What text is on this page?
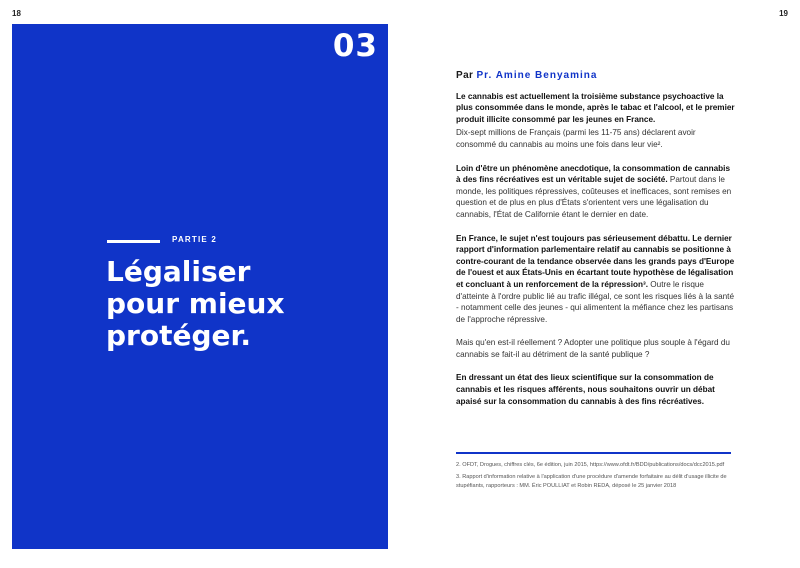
18	19
03
PARTIE 2
Légaliser
pour mieux
protéger.
Par Pr. Amine Benyamina

Le cannabis est actuellement la troisième substance psychoactive la plus consommée dans le monde, après le tabac et l'alcool, et le premier produit illicite consommé par les jeunes en France.

Dix-sept millions de Français (parmi les 11-75 ans) déclarent avoir consommé du cannabis au moins une fois dans leur vie².

Loin d'être un phénomène anecdotique, la consommation de cannabis à des fins récréatives est un véritable sujet de société. Partout dans le monde, les politiques répressives, coûteuses et inefficaces, sont remises en question et de plus en plus d'États s'orientent vers une légalisation du cannabis, l'État de Californie étant le dernier en date.

En France, le sujet n'est toujours pas sérieusement débattu. Le dernier rapport d'information parlementaire relatif au cannabis se positionne à contre-courant de la tendance observée dans les grands pays d'Europe de l'ouest et aux États-Unis en écartant toute hypothèse de légalisation et concluant à un renforcement de la répression³. Outre le risque d'atteinte à l'ordre public lié au trafic illégal, ce sont les risques liés à la santé - notamment celle des jeunes - qui alimentent la méfiance chez les partisans de l'approche répressive.

Mais qu'en est-il réellement ? Adopter une politique plus souple à l'égard du cannabis se fait-il au détriment de la santé publique ?

En dressant un état des lieux scientifique sur la consommation de cannabis et les risques afférents, nous souhaitons ouvrir un débat apaisé sur la consommation du cannabis à des fins récréatives.

2. OFDT, Drogues, chiffres clés, 6e édition, juin 2015, https://www.ofdt.fr/BDD/publications/docs/dcc2015.pdf
3. Rapport d'information relative à l'application d'une procédure d'amende forfaitaire au délit d'usage illicite de stupéfiants, rapporteurs : MM. Éric POULLIAT et Robin REDA, déposé le 25 janvier 2018
